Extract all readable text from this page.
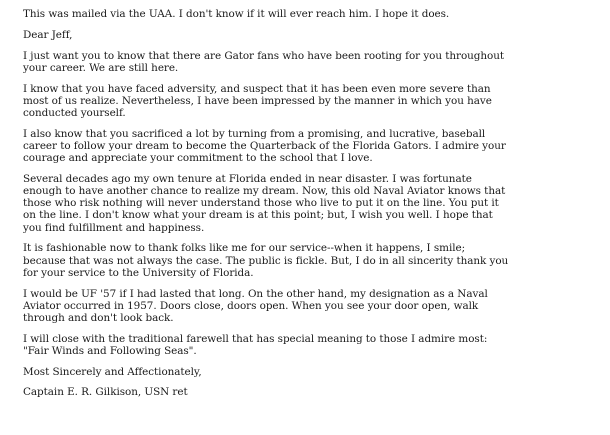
This was mailed via the UAA. I don't know if it will ever reach him. I hope it does.

Dear Jeff,

I just want you to know that there are Gator fans who have been rooting for you throughout
your career. We are still here.

I know that you have faced adversity, and suspect that it has been even more severe than
most of us realize. Nevertheless, I have been impressed by the manner in which you have
conducted yourself.

I also know that you sacrificed a lot by turning from a promising, and lucrative, baseball
career to follow your dream to become the Quarterback of the Florida Gators. I admire your
courage and appreciate your commitment to the school that I love.

Several decades ago my own tenure at Florida ended in near disaster. I was fortunate
enough to have another chance to realize my dream. Now, this old Naval Aviator knows that
those who risk nothing will never understand those who live to put it on the line. You put it
on the line. I don't know what your dream is at this point; but, I wish you well. I hope that
you find fulfillment and happiness.

It is fashionable now to thank folks like me for our service--when it happens, I smile;
because that was not always the case. The public is fickle. But, I do in all sincerity thank you
for your service to the University of Florida.

I would be UF '57 if I had lasted that long. On the other hand, my designation as a Naval
Aviator occurred in 1957. Doors close, doors open. When you see your door open, walk
through and don't look back.

I will close with the traditional farewell that has special meaning to those I admire most:
"Fair Winds and Following Seas".

Most Sincerely and Affectionately,

Captain E. R. Gilkison, USN ret
